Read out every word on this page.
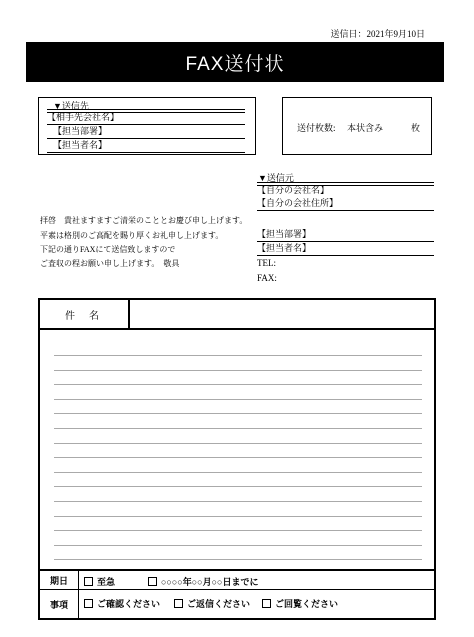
送信日：2021年9月10日
FAX送付状
▼送信先
【相手先会社名】
【担当部署】
【担当者名】
送付枚数: 本状含み	枚
拝啓　貴社ますますご清栄のこととお慶び申し上げます。
平素は格別のご高配を賜り厚くお礼申し上げます。
下記の通りFAXにて送信致しますので
ご査収の程お願い申し上げます。　敬具
▼送信元
【自分の会社名】
【自分の会社住所】
【担当部署】
【担当者名】
TEL:
FAX:
件名
期日	至急	○○○○年○○月○○日までに
事項	ご確認ください	ご返信ください	ご回覧ください
